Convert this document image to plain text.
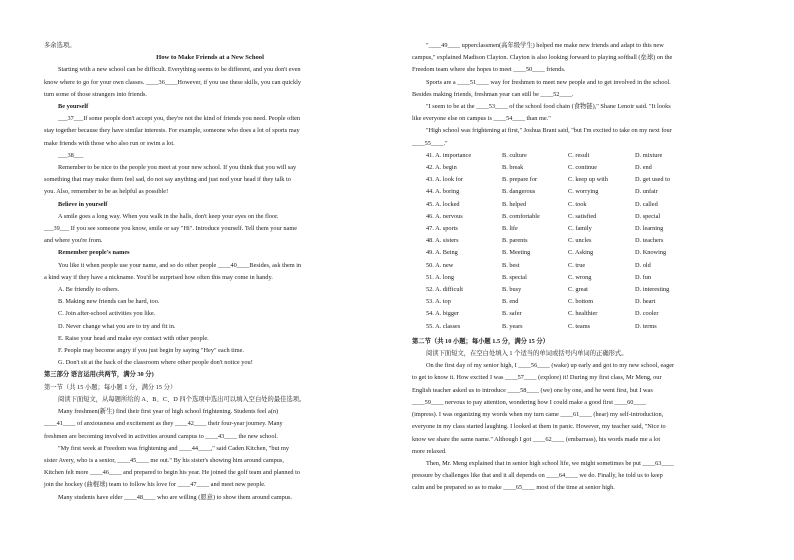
多余选项。

How to Make Friends at a New School

Starting with a new school can be difficult. Everything seems to be different, and you don't even

know where to go for your own classes. ____36____However, if you use these skills, you can quickly

turn some of those strangers into friends.

Be yourself

___37___If some people don't accept you, they're not the kind of friends you need. People often

stay together because they have similar interests. For example, someone who does a lot of sports may

make friends with those who also run or swim a lot.

___38___

Remember to be nice to the people you meet at your new school. If you think that you will say

something that may make them feel sad, do not say anything and just nod your head if they talk to

you. Also, remember to be as helpful as possible!

Believe in yourself

A smile goes a long way. When you walk in the halls, don't keep your eyes on the floor.

___39___ If you see someone you know, smile or say "Hi". Introduce yourself. Tell them your name

and where you're from.

Remember people's names

You like it when people use your name, and so do other people ____40____Besides, ask them in

a kind way if they have a nickname. You'd be surprised how often this may come in handy.

A. Be friendly to others.

B. Making new friends can be hard, too.

C. Join after-school activities you like.

D. Never change what you are to try and fit in.

E. Raise your head and make eye contact with other people.

F. People may become angry if you just begin by saying "Hey" each time.

G. Don't sit at the back of the classroom where other people don't notice you!

第三部分 语言运用(共两节，满分 30 分)

第一节（共 15 小题；每小题 1 分，满分 15 分）

阅读下面短文，从每题所给的 A、B、C、D 四个选项中选出可以填入空白处的最佳选项。

Many freshmen(新生) find their first year of high school frightening. Students feel a(n)

____41____ of anxiousness and excitement as they ____42____ their four-year journey. Many

freshmen are becoming involved in activities around campus to ____43____ the new school.

"My first week at Freedom was frightening and ____44____," said Caden Kitchen, "but my

sister Avery, who is a senior, ____45____ me out." By his sister's showing him around campus,

Kitchen felt more ____46____ and prepared to begin his year. He joined the golf team and planned to

join the hockey (曲棍球) team to follow his love for ____47____ and meet new people.

Many students have elder ____48____ who are willing (愿意) to show them around campus.

"____49____ upperclassmen(高年级学生) helped me make new friends and adapt to this new

campus," explained Madison Clayton. Clayton is also looking forward to playing softball (垒球) on the

Freedom team where she hopes to meet ____50____ friends.

Sports are a ____51____ way for freshmen to meet new people and to get involved in the school.

Besides making friends, freshman year can still be ____52____.

"I seem to be at the ____53____ of the school food chain (食物链)," Shane Lenoir said. "It looks

like everyone else on campus is ____54____ than me."

"High school was frightening at first," Joshua Brant said, "but I'm excited to take on my next four

____55____."

41. A. importance	B. culture	C. result	D. mixture
42. A. begin	B. break	C. continue	D. end
43. A. look for	B. prepare for	C. keep up with	D. get used to
44. A. boring	B. dangerous	C. worrying	D. unfair
45. A. locked	B. helped	C. took	D. called
46. A. nervous	B. comfortable	C. satisfied	D. special
47. A. sports	B. life	C. family	D. learning
48. A. sisters	B. parents	C. uncles	D. teachers
49. A. Being	B. Meeting	C. Asking	D. Knowing
50. A. new	B. best	C. true	D. old
51. A. long	B. special	C. wrong	D. fun
52. A. difficult	B. busy	C. great	D. interesting
53. A. top	B. end	C. bottom	D. heart
54. A. bigger	B. safer	C. healthier	D. cooler
55. A. classes	B. years	C. teams	D. terms

第二节（共 10 小题；每小题 1.5 分，满分 15 分）

阅读下面短文，在空白处填入 1 个适当的单词或括号内单词的正确形式。

On the first day of my senior high, I ____56____ (wake) up early and got to my new school, eager

to get to know it. How excited I was ____57____ (explore) it! During my first class, Mr Meng, our

English teacher asked us to introduce ____58____ (we) one by one, and he went first, but I was

____59____ nervous to pay attention, wondering how I could make a good first ____60____

(impress). I was organizing my words when my turn came ____61____ (hear) my self-introduction,

everyone in my class started laughing. I looked at them in panic. However, my teacher said, "Nice to

know we share the same name." Although I got ____62____ (embarrass), his words made me a lot

more relaxed.

Then, Mr. Meng explained that in senior high school life, we might sometimes be put ____63____

pressure by challenges like that and it all depends on ____64____ we do. Finally, he told us to keep

calm and be prepared so as to make ____65____ most of the time at senior high.
